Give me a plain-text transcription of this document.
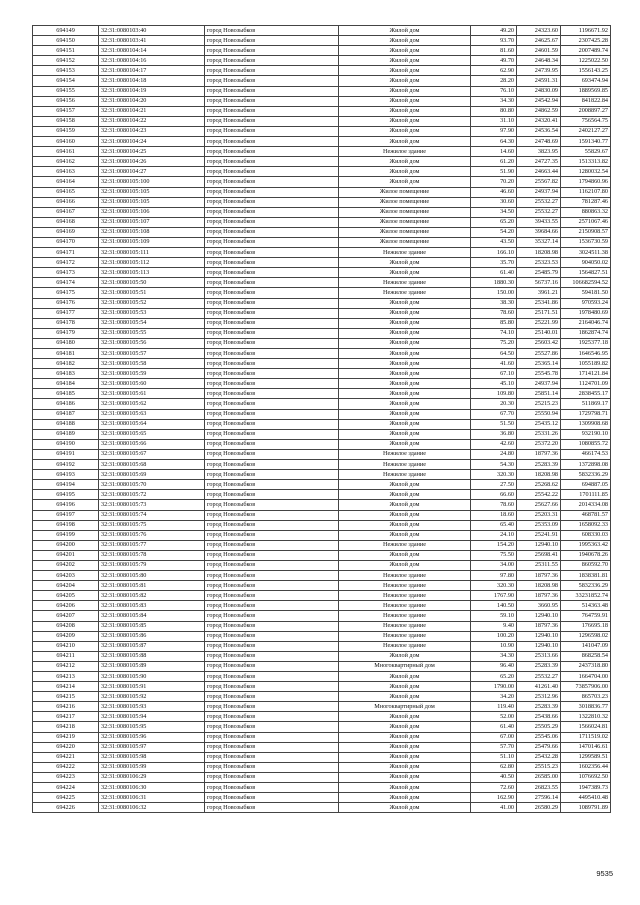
694149	32:31:0080103:40	город Новозыбков	Жилой дом	49.20	24323.60	1196671.92
694150	32:31:0080103:41	город Новозыбков	Жилой дом	93.70	24625.67	2307425.28
694151	32:31:0080104:14	город Новозыбков	Жилой дом	81.60	24601.59	2007489.74
694152	32:31:0080104:16	город Новозыбков	Жилой дом	49.70	24648.34	1225022.50
694153	32:31:0080104:17	город Новозыбков	Жилой дом	62.90	24739.95	1556143.25
694154	32:31:0080104:18	город Новозыбков	Жилой дом	28.20	24591.31	693474.94
694155	32:31:0080104:19	город Новозыбков	Жилой дом	76.10	24830.09	1889569.85
694156	32:31:0080104:20	город Новозыбков	Жилой дом	34.30	24542.94	841822.84
694157	32:31:0080104:21	город Новозыбков	Жилой дом	80.80	24862.59	2008897.27
694158	32:31:0080104:22	город Новозыбков	Жилой дом	31.10	24320.41	756564.75
694159	32:31:0080104:23	город Новозыбков	Жилой дом	97.90	24536.54	2402127.27
694160	32:31:0080104:24	город Новозыбков	Жилой дом	64.30	24748.69	1591340.77
694161	32:31:0080104:25	город Новозыбков	Нежилое здание	14.60	3823.95	55829.67
694162	32:31:0080104:26	город Новозыбков	Жилой дом	61.20	24727.35	1513313.82
694163	32:31:0080104:27	город Новозыбков	Жилой дом	51.90	24663.44	1280032.54
694164	32:31:0080105:100	город Новозыбков	Жилой дом	70.20	25567.82	1794860.96
694165	32:31:0080105:105	город Новозыбков	Жилое помещение	46.60	24937.94	1162107.80
694166	32:31:0080105:105	город Новозыбков	Жилое помещение	30.60	25532.27	781287.46
694167	32:31:0080105:106	город Новозыбков	Жилое помещение	34.50	25532.27	880863.32
694168	32:31:0080105:107	город Новозыбков	Жилое помещение	65.20	39433.55	2571067.46
694169	32:31:0080105:108	город Новозыбков	Жилое помещение	54.20	39684.66	2150908.57
694170	32:31:0080105:109	город Новозыбков	Жилое помещение	43.50	35327.14	1536730.59
694171	32:31:0080105:111	город Новозыбков	Нежилое здание	166.10	18208.98	3024511.38
694172	32:31:0080105:112	город Новозыбков	Жилой дом	35.70	25323.53	904050.02
694173	32:31:0080105:113	город Новозыбков	Жилой дом	61.40	25485.79	1564827.51
694174	32:31:0080105:50	город Новозыбков	Нежилое здание	1880.30	56737.16	106682594.52
694175	32:31:0080105:51	город Новозыбков	Нежилое здание	150.00	3961.21	594181.50
694176	32:31:0080105:52	город Новозыбков	Жилой дом	38.30	25341.86	970593.24
694177	32:31:0080105:53	город Новозыбков	Жилой дом	78.60	25171.51	1978480.69
694178	32:31:0080105:54	город Новозыбков	Жилой дом	85.80	25221.99	2164046.74
694179	32:31:0080105:55	город Новозыбков	Жилой дом	74.10	25140.01	1862874.74
694180	32:31:0080105:56	город Новозыбков	Жилой дом	75.20	25603.42	1925377.18
694181	32:31:0080105:57	город Новозыбков	Жилой дом	64.50	25527.86	1646546.95
694182	32:31:0080105:58	город Новозыбков	Жилой дом	41.60	25365.14	1055189.82
694183	32:31:0080105:59	город Новозыбков	Жилой дом	67.10	25545.78	1714121.84
694184	32:31:0080105:60	город Новозыбков	Жилой дом	45.10	24937.94	1124701.09
694185	32:31:0080105:61	город Новозыбков	Жилой дом	109.80	25851.14	2838455.17
694186	32:31:0080105:62	город Новозыбков	Жилой дом	20.30	25215.23	511869.17
694187	32:31:0080105:63	город Новозыбков	Жилой дом	67.70	25550.94	1729798.71
694188	32:31:0080105:64	город Новозыбков	Жилой дом	51.50	25435.12	1309908.68
694189	32:31:0080105:65	город Новозыбков	Жилой дом	36.80	25331.26	932190.10
694190	32:31:0080105:66	город Новозыбков	Жилой дом	42.60	25372.20	1080855.72
694191	32:31:0080105:67	город Новозыбков	Нежилое здание	24.80	18797.36	466174.53
694192	32:31:0080105:68	город Новозыбков	Нежилое здание	54.30	25283.39	1372898.08
694193	32:31:0080105:69	город Новозыбков	Нежилое здание	320.30	18208.98	5832336.29
694194	32:31:0080105:70	город Новозыбков	Жилой дом	27.50	25268.62	694887.05
694195	32:31:0080105:72	город Новозыбков	Жилой дом	66.60	25542.22	1701111.85
694196	32:31:0080105:73	город Новозыбков	Жилой дом	78.60	25627.66	2014334.08
694197	32:31:0080105:74	город Новозыбков	Жилой дом	18.60	25203.31	468781.57
694198	32:31:0080105:75	город Новозыбков	Жилой дом	65.40	25353.09	1658092.33
694199	32:31:0080105:76	город Новозыбков	Жилой дом	24.10	25241.91	608330.03
694200	32:31:0080105:77	город Новозыбков	Нежилое здание	154.20	12940.10	1995363.42
694201	32:31:0080105:78	город Новозыбков	Жилой дом	75.50	25698.41	1940678.26
694202	32:31:0080105:79	город Новозыбков	Жилой дом	34.00	25311.55	860592.70
694203	32:31:0080105:80	город Новозыбков	Нежилое здание	97.80	18797.36	1838381.81
694204	32:31:0080105:81	город Новозыбков	Нежилое здание	320.30	18208.98	5832336.29
694205	32:31:0080105:82	город Новозыбков	Нежилое здание	1767.90	18797.36	33231852.74
694206	32:31:0080105:83	город Новозыбков	Нежилое здание	140.50	3660.95	514363.48
694207	32:31:0080105:84	город Новозыбков	Нежилое здание	59.10	12940.10	764759.91
694208	32:31:0080105:85	город Новозыбков	Нежилое здание	9.40	18797.36	176695.18
694209	32:31:0080105:86	город Новозыбков	Нежилое здание	100.20	12940.10	1296598.02
694210	32:31:0080105:87	город Новозыбков	Нежилое здание	10.90	12940.10	141047.09
694211	32:31:0080105:88	город Новозыбков	Жилой дом	34.30	25313.66	868258.54
694212	32:31:0080105:89	город Новозыбков	Многоквартирный дом	96.40	25283.39	2437318.80
694213	32:31:0080105:90	город Новозыбков	Жилой дом	65.20	25532.27	1664704.00
694214	32:31:0080105:91	город Новозыбков	Жилой дом	1790.00	41261.40	73857906.00
694215	32:31:0080105:92	город Новозыбков	Жилой дом	34.20	25312.96	865703.23
694216	32:31:0080105:93	город Новозыбков	Многоквартирный дом	119.40	25283.39	3018836.77
694217	32:31:0080105:94	город Новозыбков	Жилой дом	52.00	25438.66	1322810.32
694218	32:31:0080105:95	город Новозыбков	Жилой дом	61.40	25505.29	1566024.81
694219	32:31:0080105:96	город Новозыбков	Жилой дом	67.00	25545.06	1711519.02
694220	32:31:0080105:97	город Новозыбков	Жилой дом	57.70	25479.66	1470146.61
694221	32:31:0080105:98	город Новозыбков	Жилой дом	51.10	25432.28	1299589.51
694222	32:31:0080105:99	город Новозыбков	Жилой дом	62.80	25515.23	1602356.44
694223	32:31:0080106:29	город Новозыбков	Жилой дом	40.50	26585.00	1076692.50
694224	32:31:0080106:30	город Новозыбков	Жилой дом	72.60	26823.55	1947389.73
694225	32:31:0080106:31	город Новозыбков	Жилой дом	162.90	27596.14	4495410.48
694226	32:31:0080106:32	город Новозыбков	Жилой дом	41.00	26580.29	1089791.89
9535
